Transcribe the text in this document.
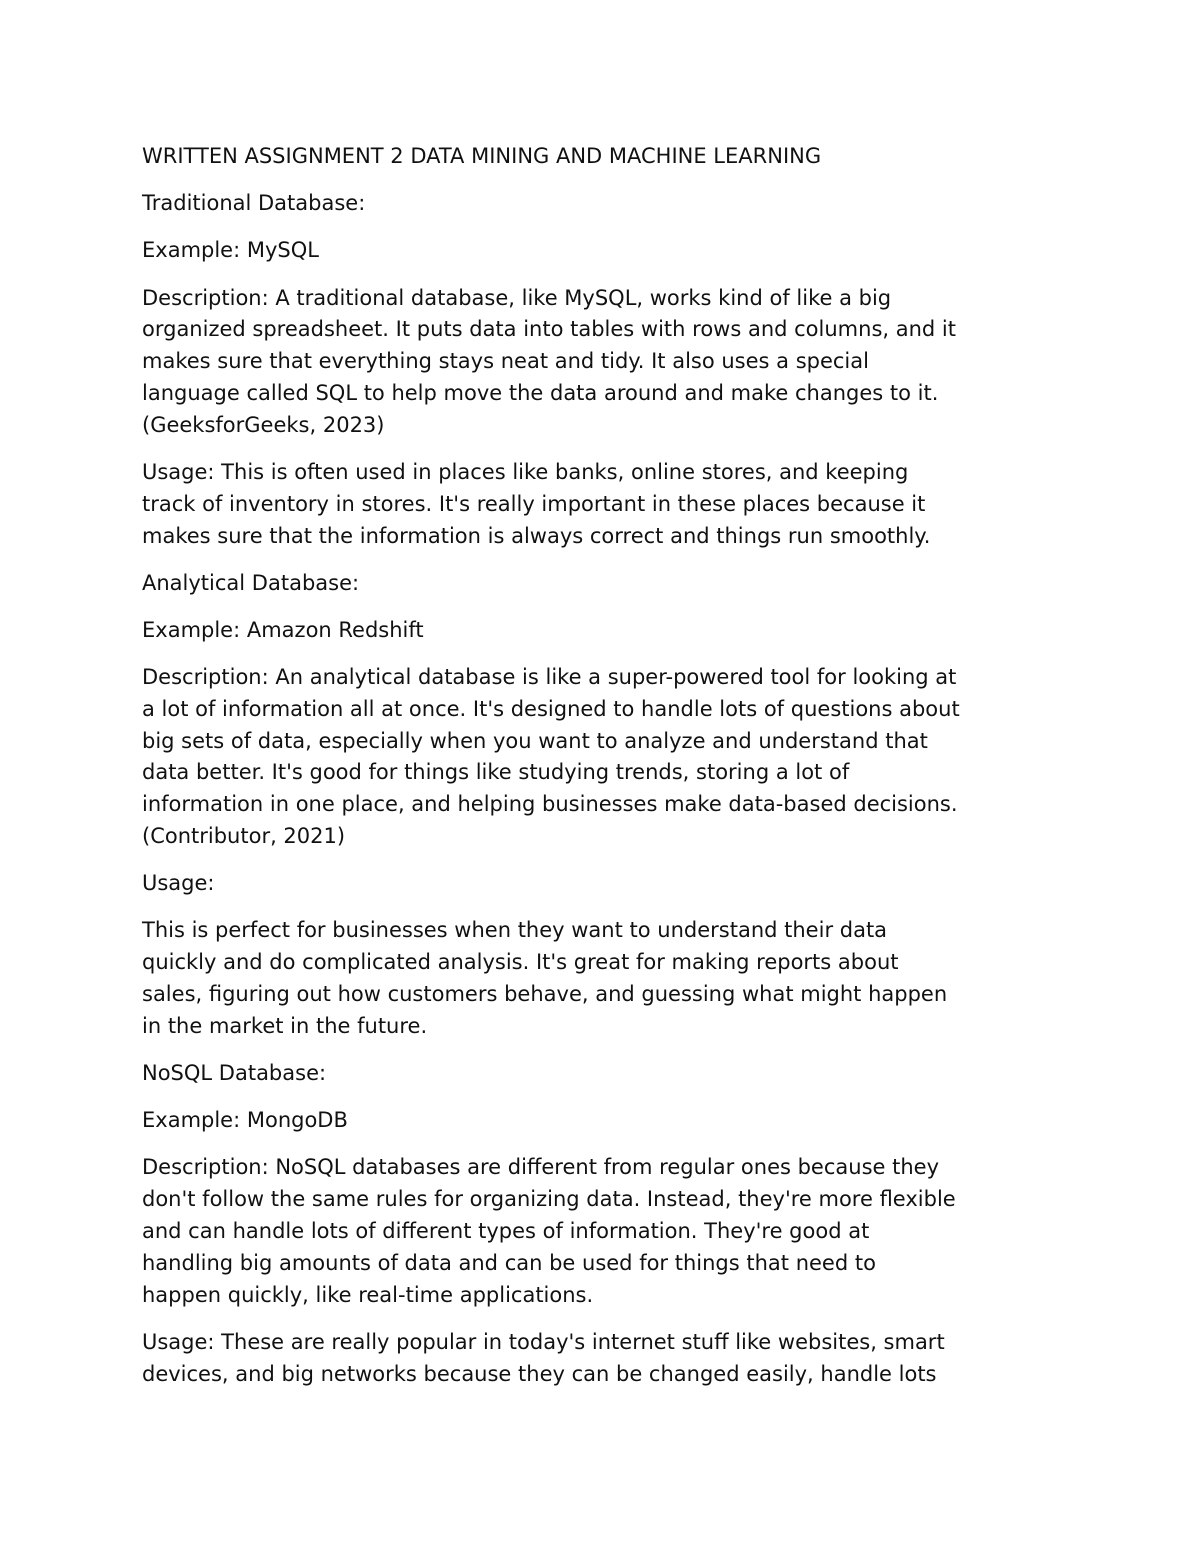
WRITTEN ASSIGNMENT 2 DATA MINING AND MACHINE LEARNING

Traditional Database:

Example: MySQL

Description: A traditional database, like MySQL, works kind of like a big
organized spreadsheet. It puts data into tables with rows and columns, and it
makes sure that everything stays neat and tidy. It also uses a special
language called SQL to help move the data around and make changes to it.
(GeeksforGeeks, 2023)

Usage: This is often used in places like banks, online stores, and keeping
track of inventory in stores. It's really important in these places because it
makes sure that the information is always correct and things run smoothly.

Analytical Database:

Example: Amazon Redshift

Description: An analytical database is like a super-powered tool for looking at
a lot of information all at once. It's designed to handle lots of questions about
big sets of data, especially when you want to analyze and understand that
data better. It's good for things like studying trends, storing a lot of
information in one place, and helping businesses make data-based decisions.
(Contributor, 2021)

Usage:

This is perfect for businesses when they want to understand their data
quickly and do complicated analysis. It's great for making reports about
sales, figuring out how customers behave, and guessing what might happen
in the market in the future.

NoSQL Database:

Example: MongoDB

Description: NoSQL databases are different from regular ones because they
don't follow the same rules for organizing data. Instead, they're more flexible
and can handle lots of different types of information. They're good at
handling big amounts of data and can be used for things that need to
happen quickly, like real-time applications.

Usage: These are really popular in today's internet stuff like websites, smart
devices, and big networks because they can be changed easily, handle lots
